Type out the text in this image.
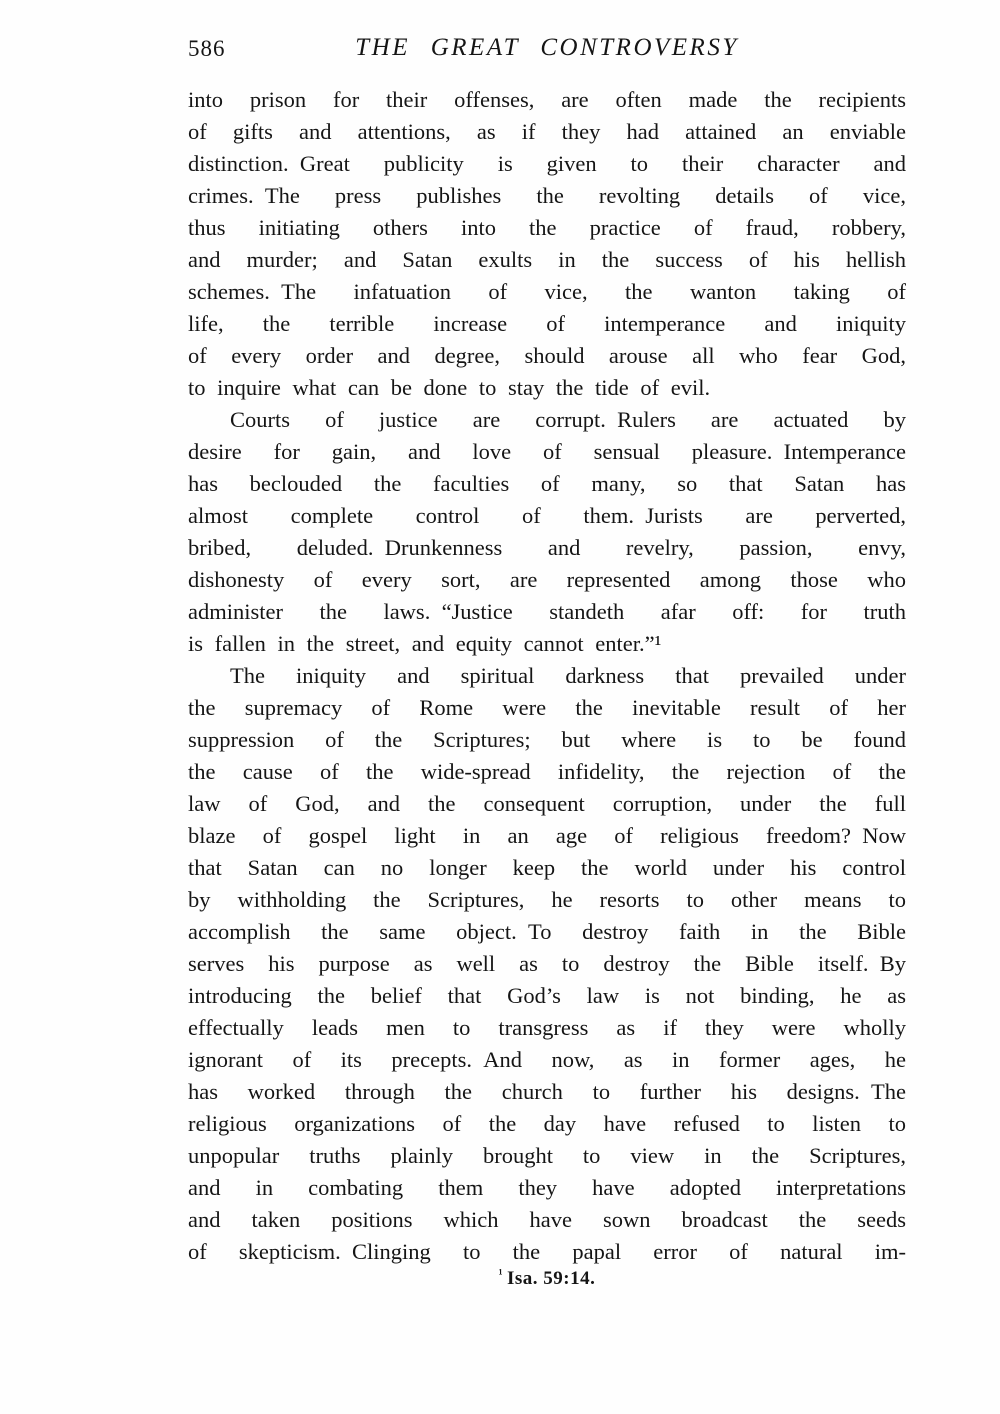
586	THE GREAT CONTROVERSY
into prison for their offenses, are often made the recipients
of gifts and attentions, as if they had attained an enviable
distinction. Great publicity is given to their character and
crimes. The press publishes the revolting details of vice,
thus initiating others into the practice of fraud, robbery,
and murder; and Satan exults in the success of his hellish
schemes. The infatuation of vice, the wanton taking of
life, the terrible increase of intemperance and iniquity
of every order and degree, should arouse all who fear God,
to inquire what can be done to stay the tide of evil.
Courts of justice are corrupt. Rulers are actuated by
desire for gain, and love of sensual pleasure. Intemperance
has beclouded the faculties of many, so that Satan has
almost complete control of them. Jurists are perverted,
bribed, deluded. Drunkenness and revelry, passion, envy,
dishonesty of every sort, are represented among those who
administer the laws. “Justice standeth afar off: for truth
is fallen in the street, and equity cannot enter.”¹
The iniquity and spiritual darkness that prevailed under
the supremacy of Rome were the inevitable result of her
suppression of the Scriptures; but where is to be found
the cause of the wide-spread infidelity, the rejection of the
law of God, and the consequent corruption, under the full
blaze of gospel light in an age of religious freedom? Now
that Satan can no longer keep the world under his control
by withholding the Scriptures, he resorts to other means to
accomplish the same object. To destroy faith in the Bible
serves his purpose as well as to destroy the Bible itself. By
introducing the belief that God’s law is not binding, he as
effectually leads men to transgress as if they were wholly
ignorant of its precepts. And now, as in former ages, he
has worked through the church to further his designs. The
religious organizations of the day have refused to listen to
unpopular truths plainly brought to view in the Scriptures,
and in combating them they have adopted interpretations
and taken positions which have sown broadcast the seeds
of skepticism. Clinging to the papal error of natural im-
$^{^1}$ Isa. 59:14.
